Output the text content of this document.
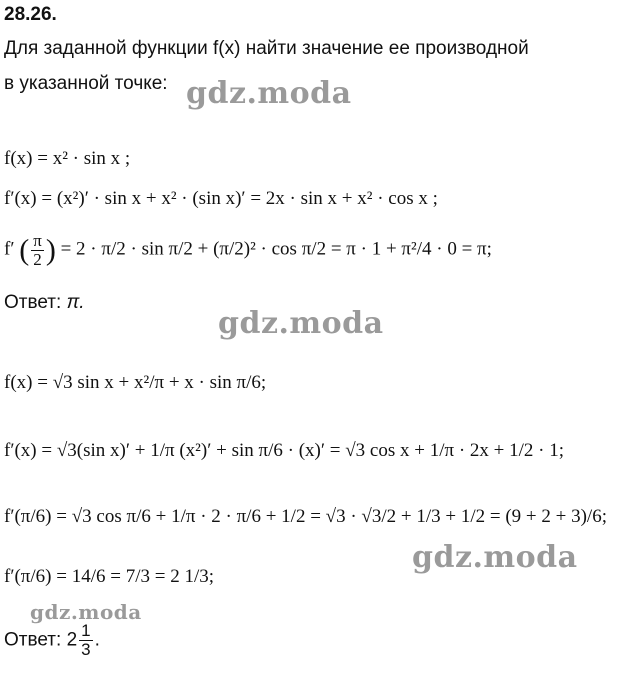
28.26.
Для заданной функции f(x) найти значение ее производной
в указанной точке:
f(x) = x² · sin x ;
f′(x) = (x²)′ · sin x + x² · (sin x)′ = 2x · sin x + x² · cos x ;
f′ ( $\frac{\pi}{2}$ ) = 2 · π/2 · sin π/2 + (π/2)² · cos π/2 = π · 1 + π²/4 · 0 = π;
Ответ: π.
f(x) = √3 sin x + x²/π + x · sin π/6;
f′(x) = √3(sin x)′ + 1/π (x²)′ + sin π/6 · (x)′ = √3 cos x + 1/π · 2x + 1/2 · 1;
f′(π/6) = √3 cos π/6 + 1/π · 2 · π/6 + 1/2 = √3 · √3/2 + 1/3 + 1/2 = (9 + 2 + 3)/6;
f′(π/6) = 14/6 = 7/3 = 2 1/3;
Ответ: $2 \frac{1}{3}$ .
gdz.moda
gdz.moda
gdz.moda
gdz.moda
